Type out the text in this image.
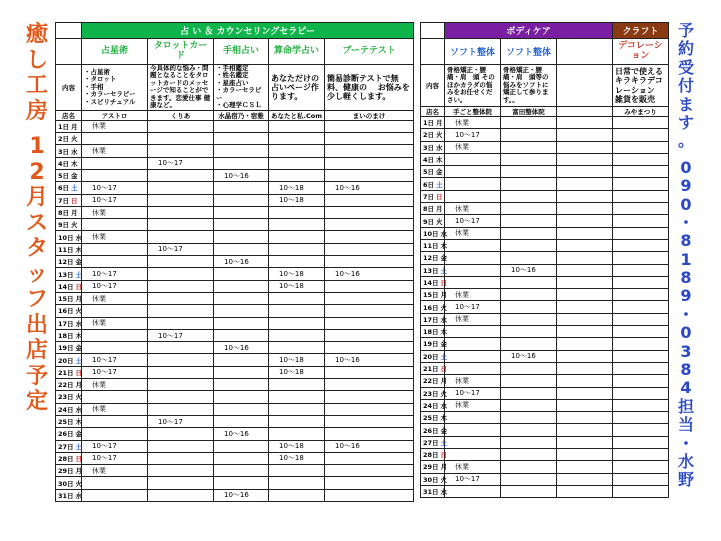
癒
し
工
房
1
2
月
ス
タ
ッ
フ
出
店
予
定
予
約
受
付
ま
す
。
0
9
0
・
8
1
8
9
・
0
3
8
4
担
当
・
水
野
	占 い ＆ カウンセリングセラピー				
	占星術	タロットカード	手相占い	算命学占い	ブーテテスト
内容	・占星術
・タロット
・手相
・カラーセラピー
・スピリチュアル	今具体的な悩み・問題となることをタロットカードのメッセージで知ることができます。恋愛仕事 健康など。	・手相鑑定
・姓名鑑定
・星座占い
・カラーセラピー
・心理学ＣＳＬ	あなただけの占いページ作ります。	簡易診断テストで無料、健康の　 お悩みを少し軽くします。
店名	アストロ	くりあ	水晶宿乃・宿雅	あなたと私.Com	まいのまけ
1日 月	休業				
2日 火					
3日 水	休業				
4日 木		10～17			
5日 金			10～16		
6日 土	10～17			10～18	10～16
7日 日	10～17			10～18	
8日 月	休業				
9日 火					
10日 水	休業				
11日 木		10～17			
12日 金			10～16		
13日 土	10～17			10～18	10～16
14日 日	10～17			10～18	
15日 月	休業				
16日 火					
17日 水	休業				
18日 木		10～17			
19日 金			10～16		
20日 土	10～17			10～18	10～16
21日 日	10～17			10～18	
22日 月	休業				
23日 火					
24日 水	休業				
25日 木		10～17			
26日 金			10～16		
27日 土	10～17			10～18	10～16
28日 日	10～17			10～18	
29日 月	休業				
30日 火					
31日 水			10～16		
	ボディケア			クラフト
	ソフト整体	ソフト整体		デコレーション
内容	骨格矯正・腰痛・肩　頭 そのほかカラダの悩みをお任せください。	骨格矯正・腰痛・肩　頭等の悩みをソフトに矯正して参ります。。		日常で使えるキラキラデコレーション　雑貨を販売
店名	手ごと整体院	富田整体院		みやまつり
1日 月	休業			
2日 火	10～17			
3日 水	休業			
4日 木				
5日 金				
6日 土				
7日 日				
8日 月	休業			
9日 火	10～17			
10日 水	休業			
11日 木				
12日 金				
13日 土		10～16		
14日 日				
15日 月	休業			
16日 火	10～17			
17日 水	休業			
18日 木				
19日 金				
20日 土		10～16		
21日 日				
22日 月	休業			
23日 火	10～17			
24日 水	休業			
25日 木				
26日 金				
27日 土				
28日 日				
29日 月	休業			
30日 火	10～17			
31日 水				
